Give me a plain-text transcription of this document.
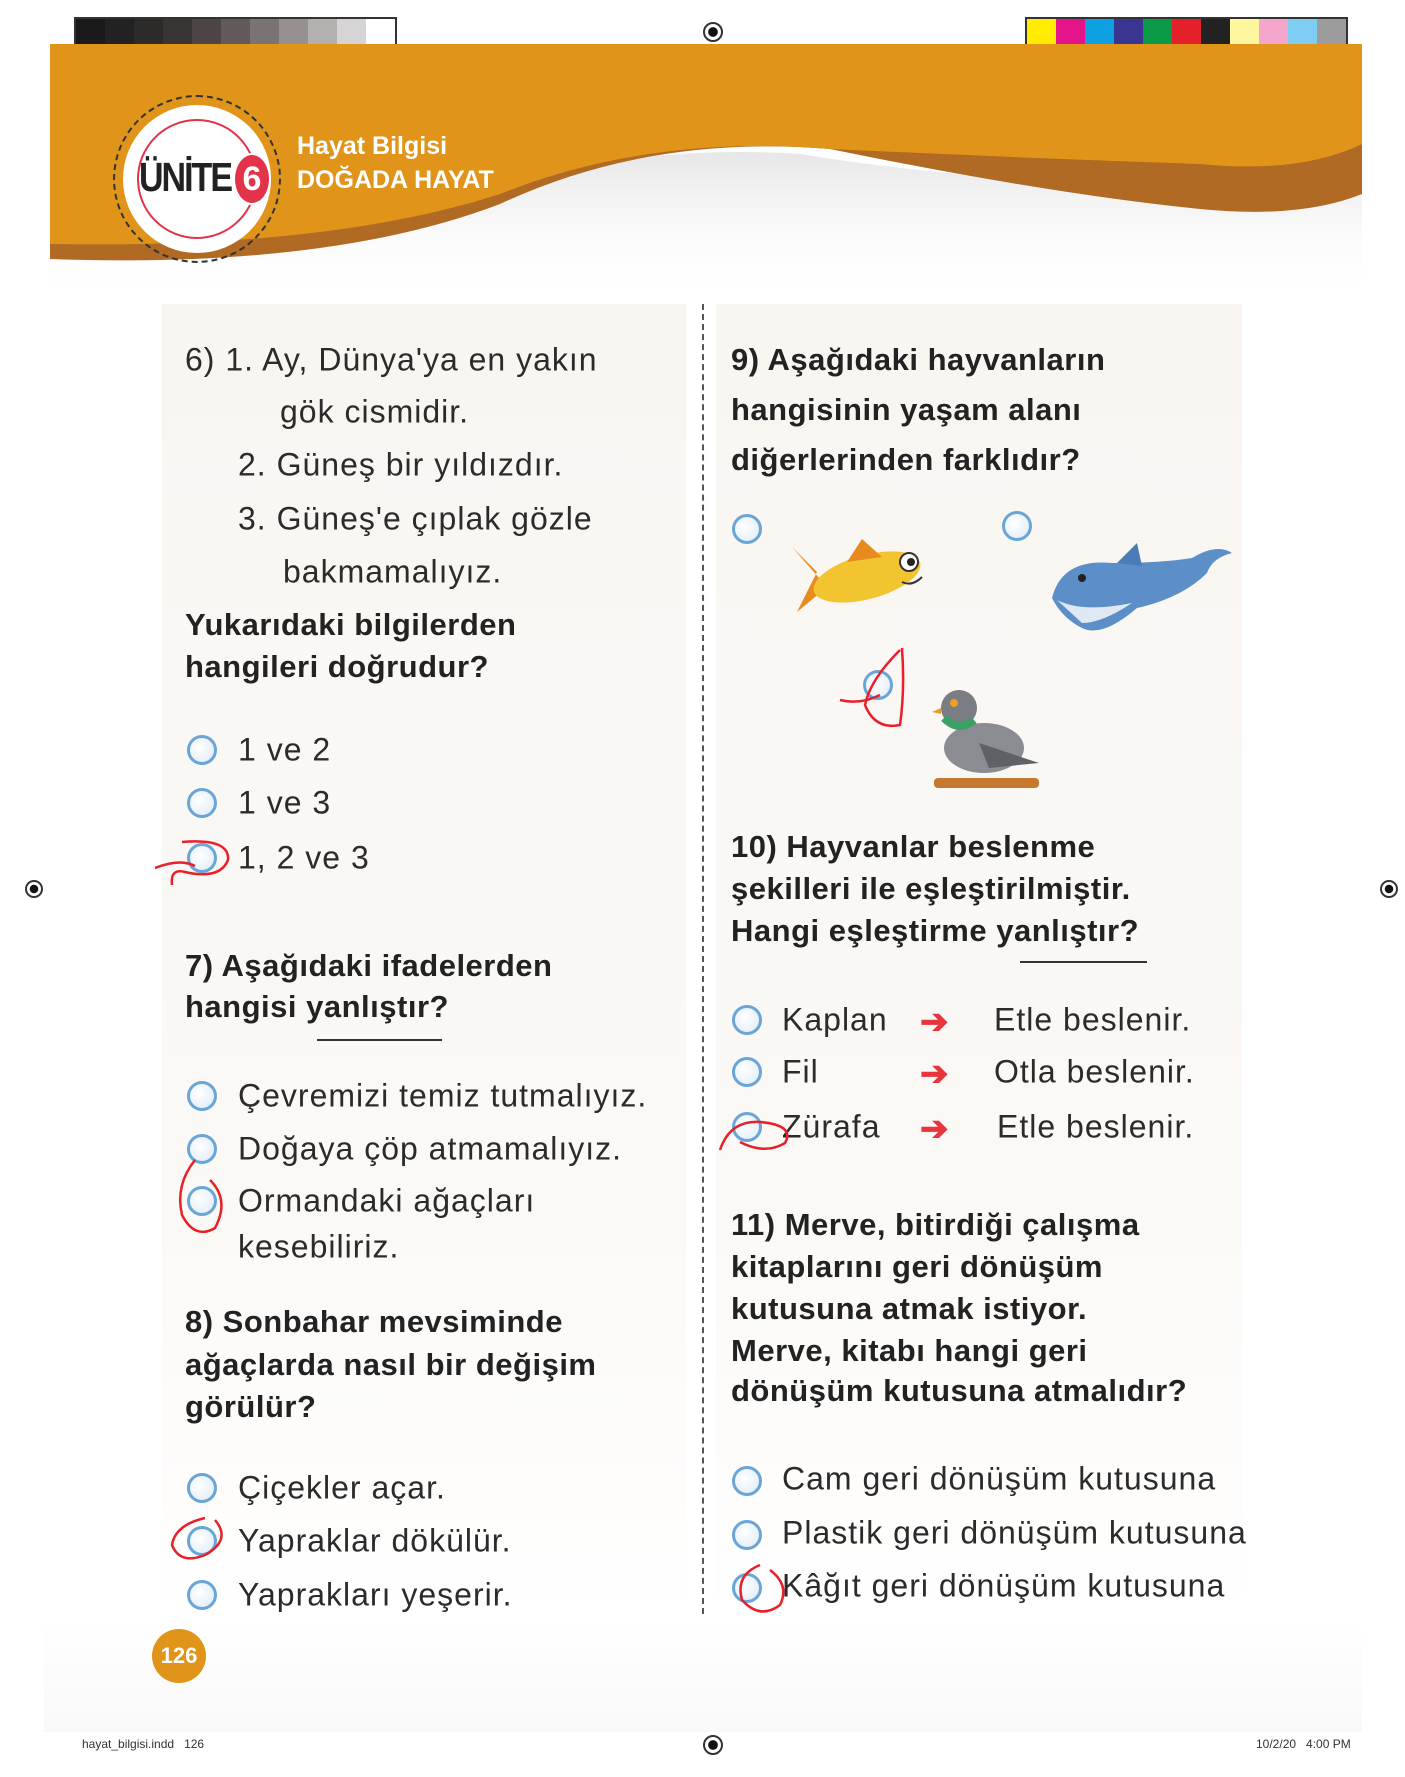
ÜNİTE 6
Hayat Bilgisi
DOĞADA HAYAT
6) 1. Ay, Dünya'ya en yakın
gök cismidir.
2. Güneş bir yıldızdır.
3. Güneş'e çıplak gözle
bakmamalıyız.
Yukarıdaki bilgilerden
hangileri doğrudur?
1 ve 2
1 ve 3
1, 2 ve 3
7) Aşağıdaki ifadelerden
hangisi yanlıştır?
Çevremizi temiz tutmalıyız.
Doğaya çöp atmamalıyız.
Ormandaki ağaçları
kesebiliriz.
8) Sonbahar mevsiminde
ağaçlarda nasıl bir değişim
görülür?
Çiçekler açar.
Yapraklar dökülür.
Yaprakları yeşerir.
9) Aşağıdaki hayvanların
hangisinin yaşam alanı
diğerlerinden farklıdır?
10) Hayvanlar beslenme
şekilleri ile eşleştirilmiştir.
Hangi eşleştirme yanlıştır?
Kaplan ➔ Etle beslenir.
Fil	➔ Otla beslenir.
Zürafa ➔ Etle beslenir.
11) Merve, bitirdiği çalışma
kitaplarını geri dönüşüm
kutusuna atmak istiyor.
Merve, kitabı hangi geri
dönüşüm kutusuna atmalıdır?
Cam geri dönüşüm kutusuna
Plastik geri dönüşüm kutusuna
Kâğıt geri dönüşüm kutusuna
126
hayat_bilgisi.indd   126	10/2/20   4:00 PM
